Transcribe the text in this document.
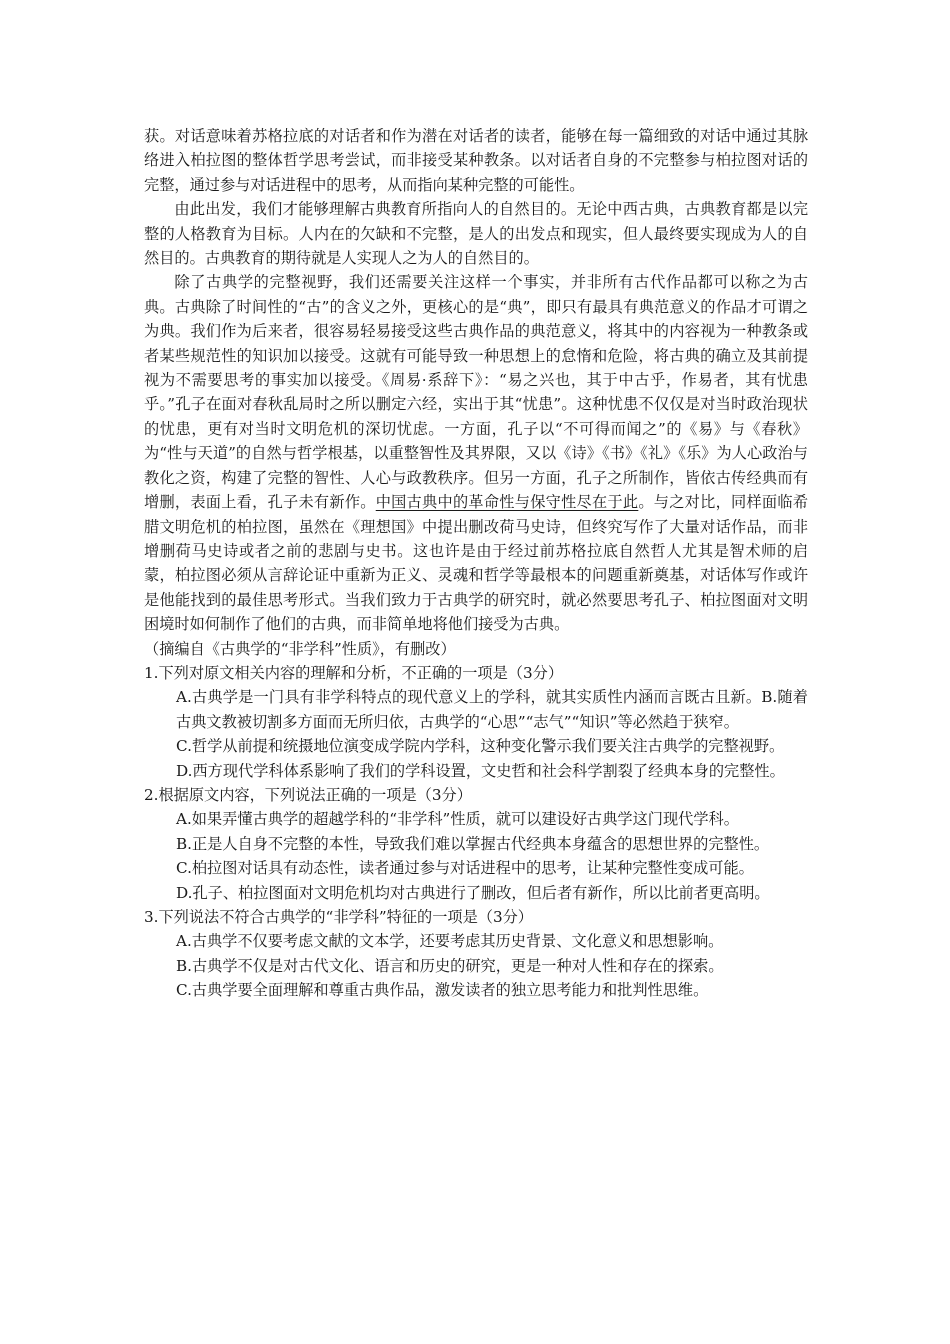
获。对话意味着苏格拉底的对话者和作为潜在对话者的读者，能够在每一篇细致的对话中通过其脉络进入柏拉图的整体哲学思考尝试，而非接受某种教条。以对话者自身的不完整参与柏拉图对话的完整，通过参与对话进程中的思考，从而指向某种完整的可能性。

由此出发，我们才能够理解古典教育所指向人的自然目的。无论中西古典，古典教育都是以完整的人格教育为目标。人内在的欠缺和不完整，是人的出发点和现实，但人最终要实现成为人的自然目的。古典教育的期待就是人实现人之为人的自然目的。

除了古典学的完整视野，我们还需要关注这样一个事实，并非所有古代作品都可以称之为古典。古典除了时间性的“古”的含义之外，更核心的是“典”，即只有最具有典范意义的作品才可谓之为典。我们作为后来者，很容易轻易接受这些古典作品的典范意义，将其中的内容视为一种教条或者某些规范性的知识加以接受。这就有可能导致一种思想上的怠惰和危险，将古典的确立及其前提视为不需要思考的事实加以接受。《周易·系辞下》：“易之兴也，其于中古乎，作易者，其有忧患乎。”孔子在面对春秋乱局时之所以删定六经，实出于其“忧患”。这种忧患不仅仅是对当时政治现状的忧患，更有对当时文明危机的深切忧虑。一方面，孔子以“不可得而闻之”的《易》与《春秋》为“性与天道”的自然与哲学根基，以重整智性及其界限，又以《诗》《书》《礼》《乐》为人心政治与教化之资，构建了完整的智性、人心与政教秩序。但另一方面，孔子之所制作，皆依古传经典而有增删，表面上看，孔子未有新作。中国古典中的革命性与保守性尽在于此。与之对比，同样面临希腊文明危机的柏拉图，虽然在《理想国》中提出删改荷马史诗，但终究写作了大量对话作品，而非增删荷马史诗或者之前的悲剧与史书。这也许是由于经过前苏格拉底自然哲人尤其是智术师的启蒙，柏拉图必须从言辞论证中重新为正义、灵魂和哲学等最根本的问题重新奠基，对话体写作或许是他能找到的最佳思考形式。当我们致力于古典学的研究时，就必然要思考孔子、柏拉图面对文明困境时如何制作了他们的古典，而非简单地将他们接受为古典。

（摘编自《古典学的“非学科”性质》，有删改）

1.下列对原文相关内容的理解和分析，不正确的一项是（3分）

A.古典学是一门具有非学科特点的现代意义上的学科，就其实质性内涵而言既古且新。B.随着古典文教被切割多方面而无所归依，古典学的“心思”“志气”“知识”等必然趋于狭窄。

C.哲学从前提和统摄地位演变成学院内学科，这种变化警示我们要关注古典学的完整视野。

D.西方现代学科体系影响了我们的学科设置，文史哲和社会科学割裂了经典本身的完整性。

2.根据原文内容，下列说法正确的一项是（3分）

A.如果弄懂古典学的超越学科的“非学科”性质，就可以建设好古典学这门现代学科。

B.正是人自身不完整的本性，导致我们难以掌握古代经典本身蕴含的思想世界的完整性。

C.柏拉图对话具有动态性，读者通过参与对话进程中的思考，让某种完整性变成可能。

D.孔子、柏拉图面对文明危机均对古典进行了删改，但后者有新作，所以比前者更高明。

3.下列说法不符合古典学的“非学科”特征的一项是（3分）

A.古典学不仅要考虑文献的文本学，还要考虑其历史背景、文化意义和思想影响。

B.古典学不仅是对古代文化、语言和历史的研究，更是一种对人性和存在的探索。

C.古典学要全面理解和尊重古典作品，激发读者的独立思考能力和批判性思维。
